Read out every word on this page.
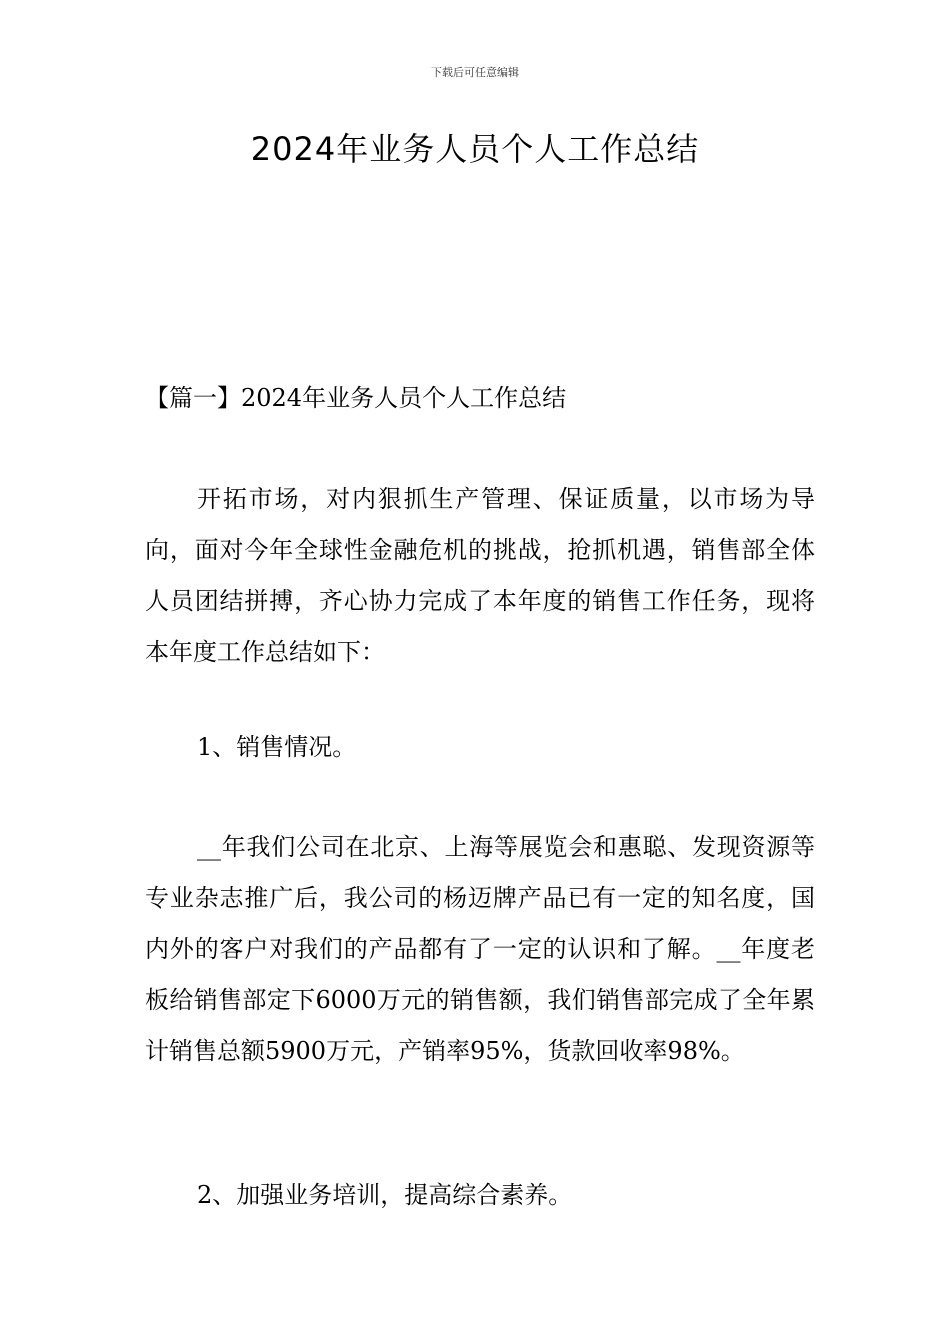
下载后可任意编辑
2024年业务人员个人工作总结
【篇一】2024年业务人员个人工作总结

开拓市场，对内狠抓生产管理、保证质量，以市场为导向，面对今年全球性金融危机的挑战，抢抓机遇，销售部全体人员团结拼搏，齐心协力完成了本年度的销售工作任务，现将本年度工作总结如下：

1、销售情况。

__年我们公司在北京、上海等展览会和惠聪、发现资源等专业杂志推广后，我公司的杨迈牌产品已有一定的知名度，国内外的客户对我们的产品都有了一定的认识和了解。__年度老板给销售部定下6000万元的销售额，我们销售部完成了全年累计销售总额5900万元，产销率95%，货款回收率98%。

2、加强业务培训，提高综合素养。
